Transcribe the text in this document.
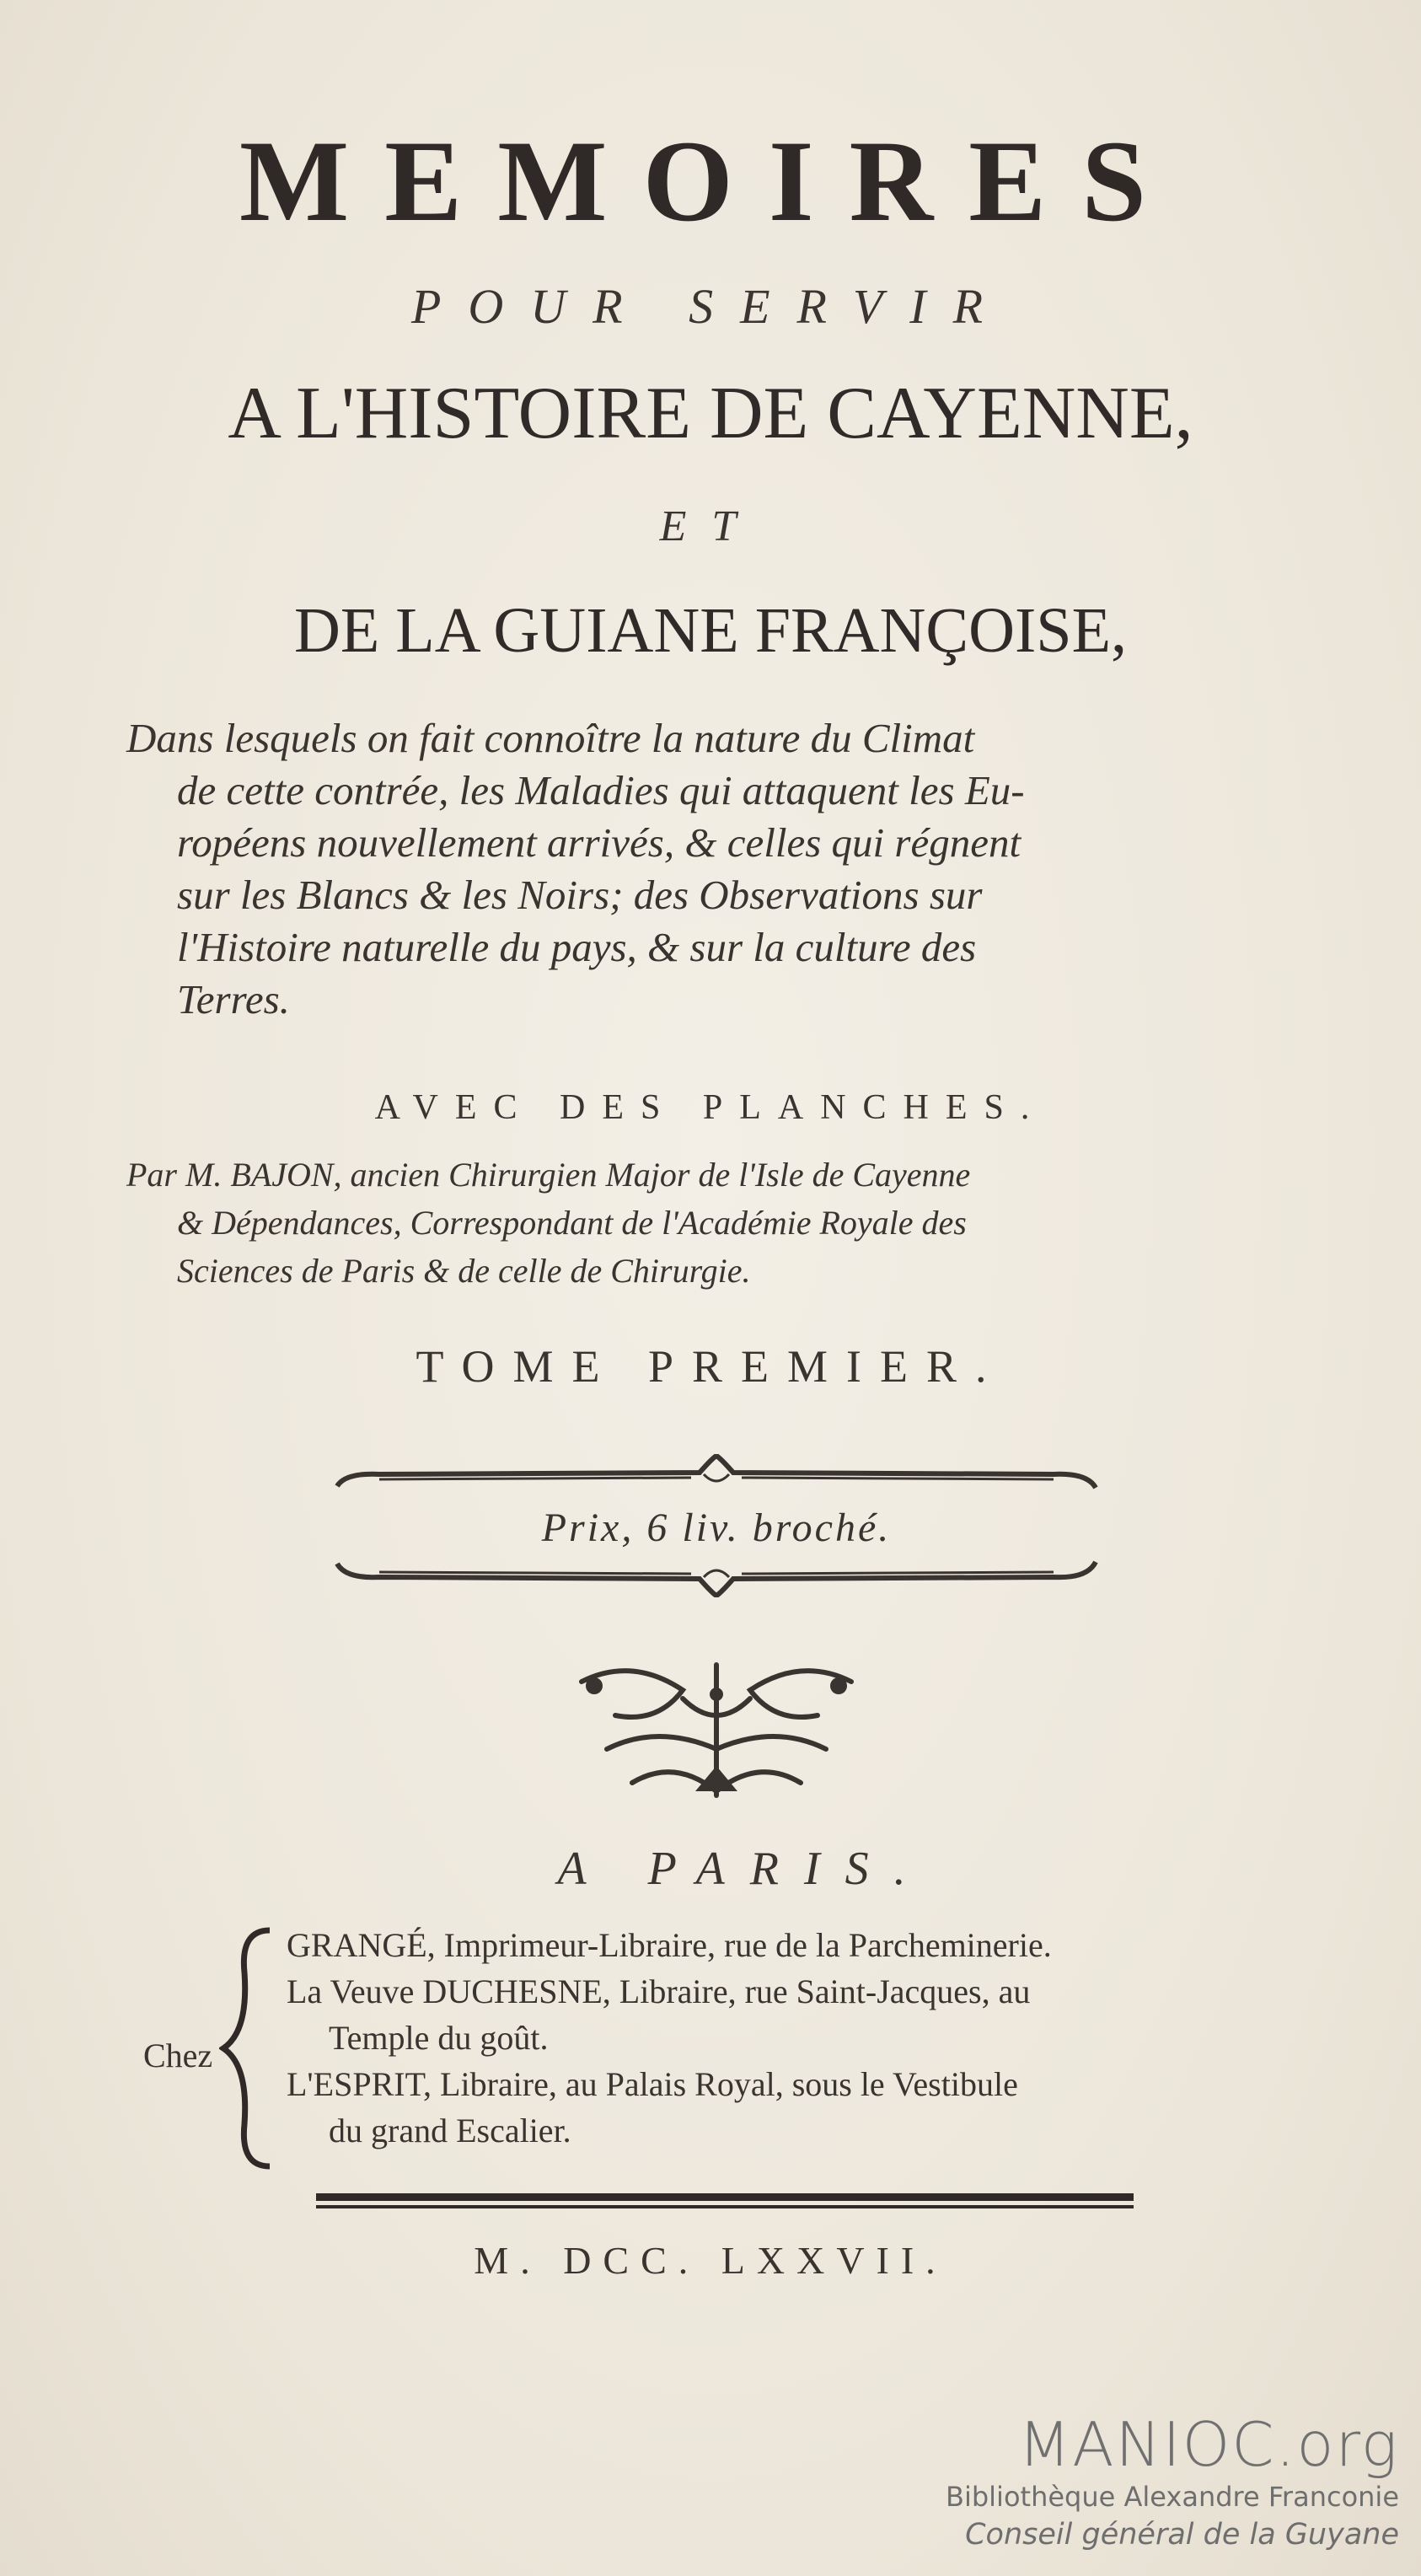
MEMOIRES
POUR SERVIR
A L'HISTOIRE DE CAYENNE,
ET
DE LA GUIANE FRANÇOISE,
Dans lesquels on fait connoître la nature du Climat
de cette contrée, les Maladies qui attaquent les Eu-
ropéens nouvellement arrivés, & celles qui régnent
sur les Blancs & les Noirs; des Observations sur
l'Histoire naturelle du pays, & sur la culture des
Terres.
AVEC DES PLANCHES.
Par M. BAJON, ancien Chirurgien Major de l'Isle de Cayenne
& Dépendances, Correspondant de l'Académie Royale des
Sciences de Paris & de celle de Chirurgie.
TOME PREMIER.
Prix, 6 liv. broché.
A PARIS.
Chez
GRANGÉ, Imprimeur-Libraire, rue de la Parcheminerie.
La Veuve DUCHESNE, Libraire, rue Saint-Jacques, au
Temple du goût.
L'ESPRIT, Libraire, au Palais Royal, sous le Vestibule
du grand Escalier.
M. DCC. LXXVII.
MANIOC.org
Bibliothèque Alexandre Franconie
Conseil général de la Guyane
